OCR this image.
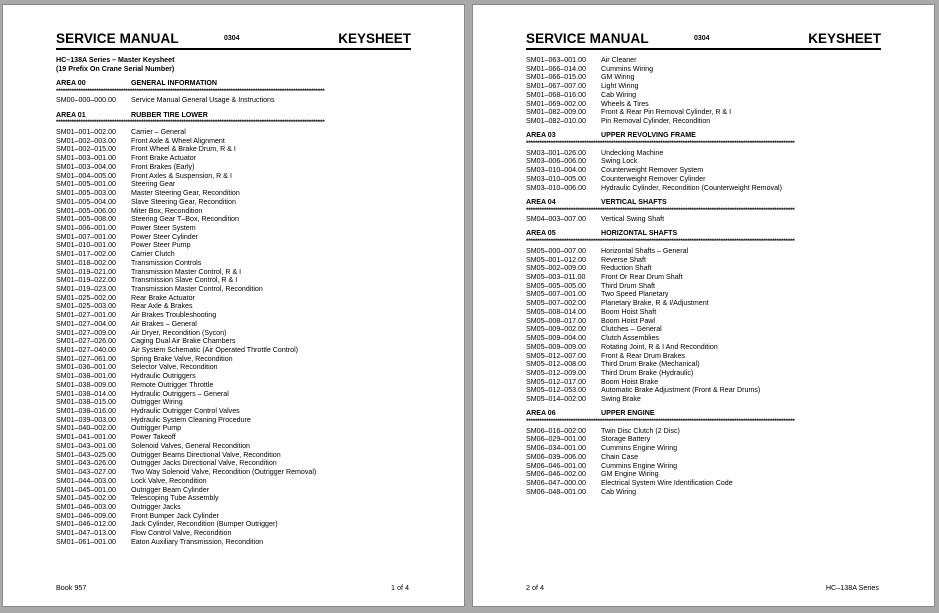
SERVICE MANUAL	0304	KEYSHEET
HC–138A Series – Master Keysheet
(19 Prefix On Crane Serial Number)
AREA 00	GENERAL INFORMATION
************************************************************************************************************************
SM00–000–000.00 Service Manual General Usage & Instructions
AREA 01	RUBBER TIRE LOWER
************************************************************************************************************************
SM01–001–002.00 Carrier – General
SM01–002–003.00 Front Axle & Wheel Alignment
SM01–002–015.00 Front Wheel & Brake Drum, R & I
SM01–003–001.00 Front Brake Actuator
SM01–003–004.00 Front Brakes (Early)
SM01–004–005.00 Front Axles & Suspension, R & I
SM01–005–001.00 Steering Gear
SM01–005–003.00 Master Steering Gear, Recondition
SM01–005–004.00 Slave Steering Gear, Recondition
SM01–005–006.00 Miter Box, Recondition
SM01–005–008.00 Steering Gear T–Box, Recondition
SM01–006–001.00 Power Steer System
SM01–007–001.00 Power Steer Cylinder
SM01–010–001.00 Power Steer Pump
SM01–017–002.00 Carrier Clutch
SM01–018–002.00 Transmission Controls
SM01–019–021.00 Transmission Master Control, R & I
SM01–019–022.00 Transmission Slave Control, R & I
SM01–019–023.00 Transmission Master Control, Recondition
SM01–025–002.00 Rear Brake Actuator
SM01–025–003.00 Rear Axle & Brakes
SM01–027–001.00 Air Brakes Troubleshooting
SM01–027–004.00 Air Brakes – General
SM01–027–009.00 Air Dryer, Recondition (Sycon)
SM01–027–026.00 Caging Dual Air Brake Chambers
SM01–027–040.00 Air System Schematic (Air Operated Throttle Control)
SM01–027–061.00 Spring Brake Valve, Recondition
SM01–036–001.00 Selector Valve, Recondition
SM01–038–001.00 Hydraulic Outriggers
SM01–038–009.00 Remote Outrigger Throttle
SM01–038–014.00 Hydraulic Outriggers – General
SM01–038–015.00 Outrigger Wiring
SM01–038–016.00 Hydraulic Outrigger Control Valves
SM01–039–003.00 Hydraulic System Cleaning Procedure
SM01–040–002.00 Outrigger Pump
SM01–041–001.00 Power Takeoff
SM01–043–001.00 Solenoid Valves, General Recondition
SM01–043–025.00 Outrigger Beams Directional Valve, Recondition
SM01–043–026.00 Outrigger Jacks Directional Valve, Recondition
SM01–043–027.00 Two Way Solenoid Valve, Recondition (Outrigger Removal)
SM01–044–003.00 Lock Valve, Recondition
SM01–045–001.00 Outrigger Beam Cylinder
SM01–045–002.00 Telescoping Tube Assembly
SM01–046–003.00 Outrigger Jacks
SM01–046–009.00 Front Bumper Jack Cylinder
SM01–046–012.00 Jack Cylinder, Recondition (Bumper Outrigger)
SM01–047–013.00 Flow Control Valve, Recondition
SM01–061–001.00 Eaton Auxiliary Transmission, Recondition
Book 957	1 of 4
SERVICE MANUAL	0304	KEYSHEET
SM01–063–001.00 Air Cleaner
SM01–066–014.00 Cummins Wiring
SM01–066–015.00 GM Wiring
SM01–067–007.00 Light Wiring
SM01–068–016.00 Cab Wiring
SM01–069–002.00 Wheels & Tires
SM01–082–009.00 Front & Rear Pin Removal Cylinder, R & I
SM01–082–010.00 Pin Removal Cylinder, Recondition
AREA 03	UPPER REVOLVING FRAME
************************************************************************************************************************
SM03–001–026.00 Undecking Machine
SM03–006–006.00 Swing Lock
SM03–010–004.00 Counterweight Remover System
SM03–010–005.00 Counterweight Remover Cylinder
SM03–010–006.00 Hydraulic Cylinder, Recondition (Counterweight Removal)
AREA 04	VERTICAL SHAFTS
************************************************************************************************************************
SM04–003–007.00 Vertical Swing Shaft
AREA 05	HORIZONTAL SHAFTS
************************************************************************************************************************
SM05–000–007.00 Horizontal Shafts – General
SM05–001–012.00 Reverse Shaft
SM05–002–009.00 Reduction Shaft
SM05–003–011.00 Front Or Rear Drum Shaft
SM05–005–005.00 Third Drum Shaft
SM05–007–001.00 Two Speed Planetary
SM05–007–002.00 Planetary Brake, R & I/Adjustment
SM05–008–014.00 Boom Hoist Shaft
SM05–008–017.00 Boom Hoist Pawl
SM05–009–002.00 Clutches – General
SM05–009–004.00 Clutch Assemblies
SM05–009–009.00 Rotating Joint, R & I And Recondition
SM05–012–007.00 Front & Rear Drum Brakes
SM05–012–008.00 Third Drum Brake (Mechanical)
SM05–012–009.00 Third Drum Brake (Hydraulic)
SM05–012–017.00 Boom Hoist Brake
SM05–012–053.00 Automatic Brake Adjustment (Front & Rear Drums)
SM05–014–002.00 Swing Brake
AREA 06	UPPER ENGINE
************************************************************************************************************************
SM06–016–002.00 Twin Disc Clutch (2 Disc)
SM06–029–001.00 Storage Battery
SM06–034–001.00 Cummins Engine Wiring
SM06–039–006.00 Chain Case
SM06–046–001.00 Cummins Engine Wiring
SM06–046–002.00 GM Engine Wiring
SM06–047–000.00 Electrical System Wire Identification Code
SM06–048–001.00 Cab Wiring
2 of 4	HC–138A Series
